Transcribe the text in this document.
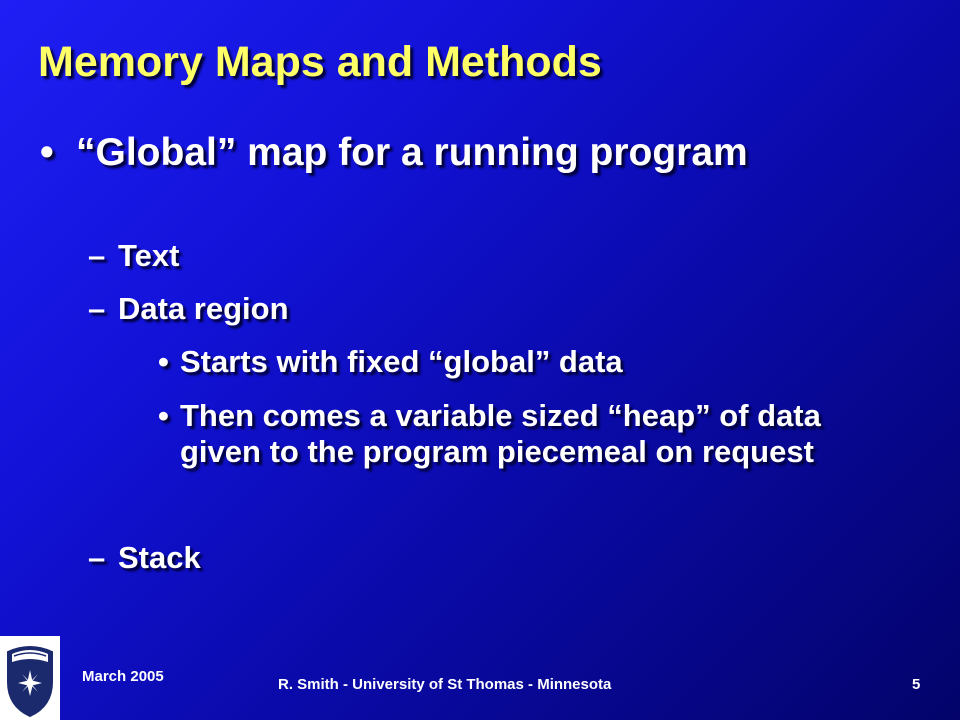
Memory Maps and Methods
• “Global” map for a running program
– Text
– Data region
• Starts with fixed “global” data
• Then comes a variable sized “heap” of data given to the program piecemeal on request
– Stack
March 2005	R. Smith - University of St Thomas - Minnesota	5
